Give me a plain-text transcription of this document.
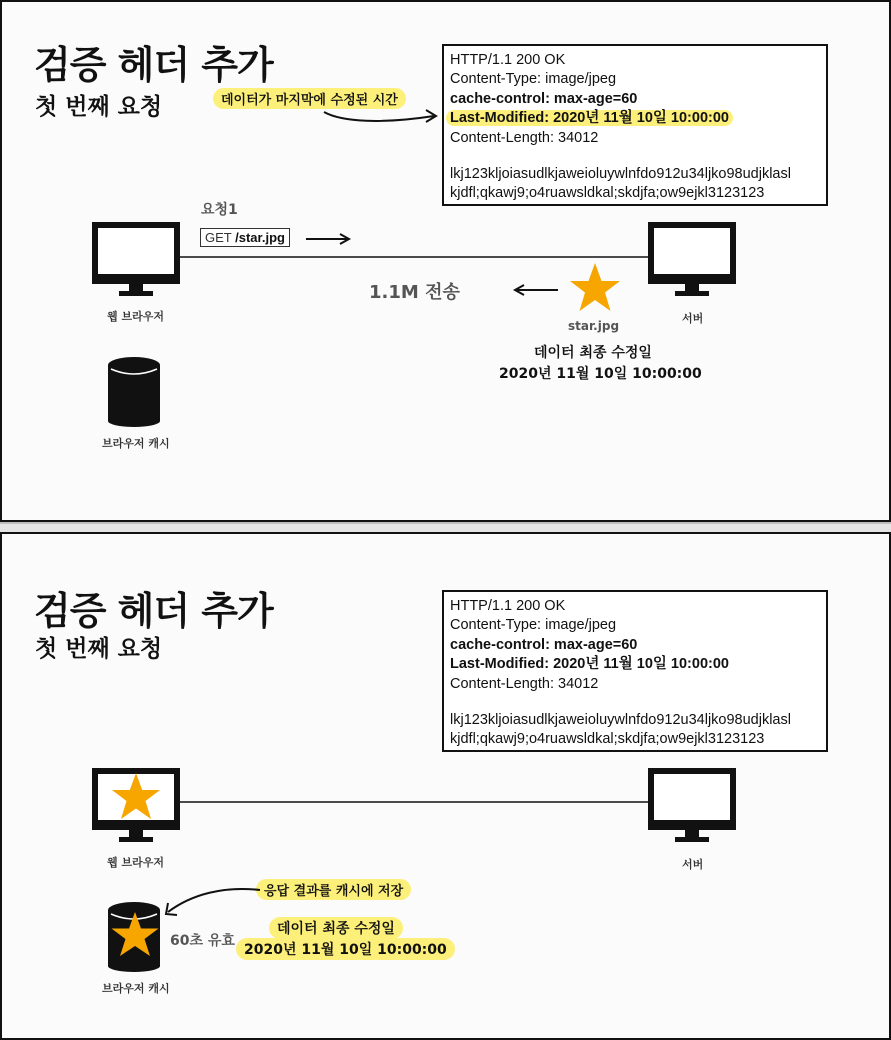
검증 헤더 추가
첫 번째 요청
HTTP/1.1 200 OK
Content-Type: image/jpeg
cache-control: max-age=60
Last-Modified: 2020년 11월 10일 10:00:00
Content-Length: 34012
lkj123kljoiasudlkjaweioluywlnfdo912u34ljko98udjklasl
kjdfl;qkawj9;o4ruawsldkal;skdjfa;ow9ejkl3123123
데이터가 마지막에 수정된 시간
웹 브라우저	서버
요청1
GET /star.jpg
1.1M 전송
star.jpg
데이터 최종 수정일
2020년 11월 10일 10:00:00
브라우저 캐시
검증 헤더 추가
첫 번째 요청
HTTP/1.1 200 OK
Content-Type: image/jpeg
cache-control: max-age=60
Last-Modified: 2020년 11월 10일 10:00:00
Content-Length: 34012
lkj123kljoiasudlkjaweioluywlnfdo912u34ljko98udjklasl
kjdfl;qkawj9;o4ruawsldkal;skdjfa;ow9ejkl3123123
웹 브라우저	서버
응답 결과를 캐시에 저장
브라우저 캐시
60초 유효
데이터 최종 수정일
2020년 11월 10일 10:00:00
